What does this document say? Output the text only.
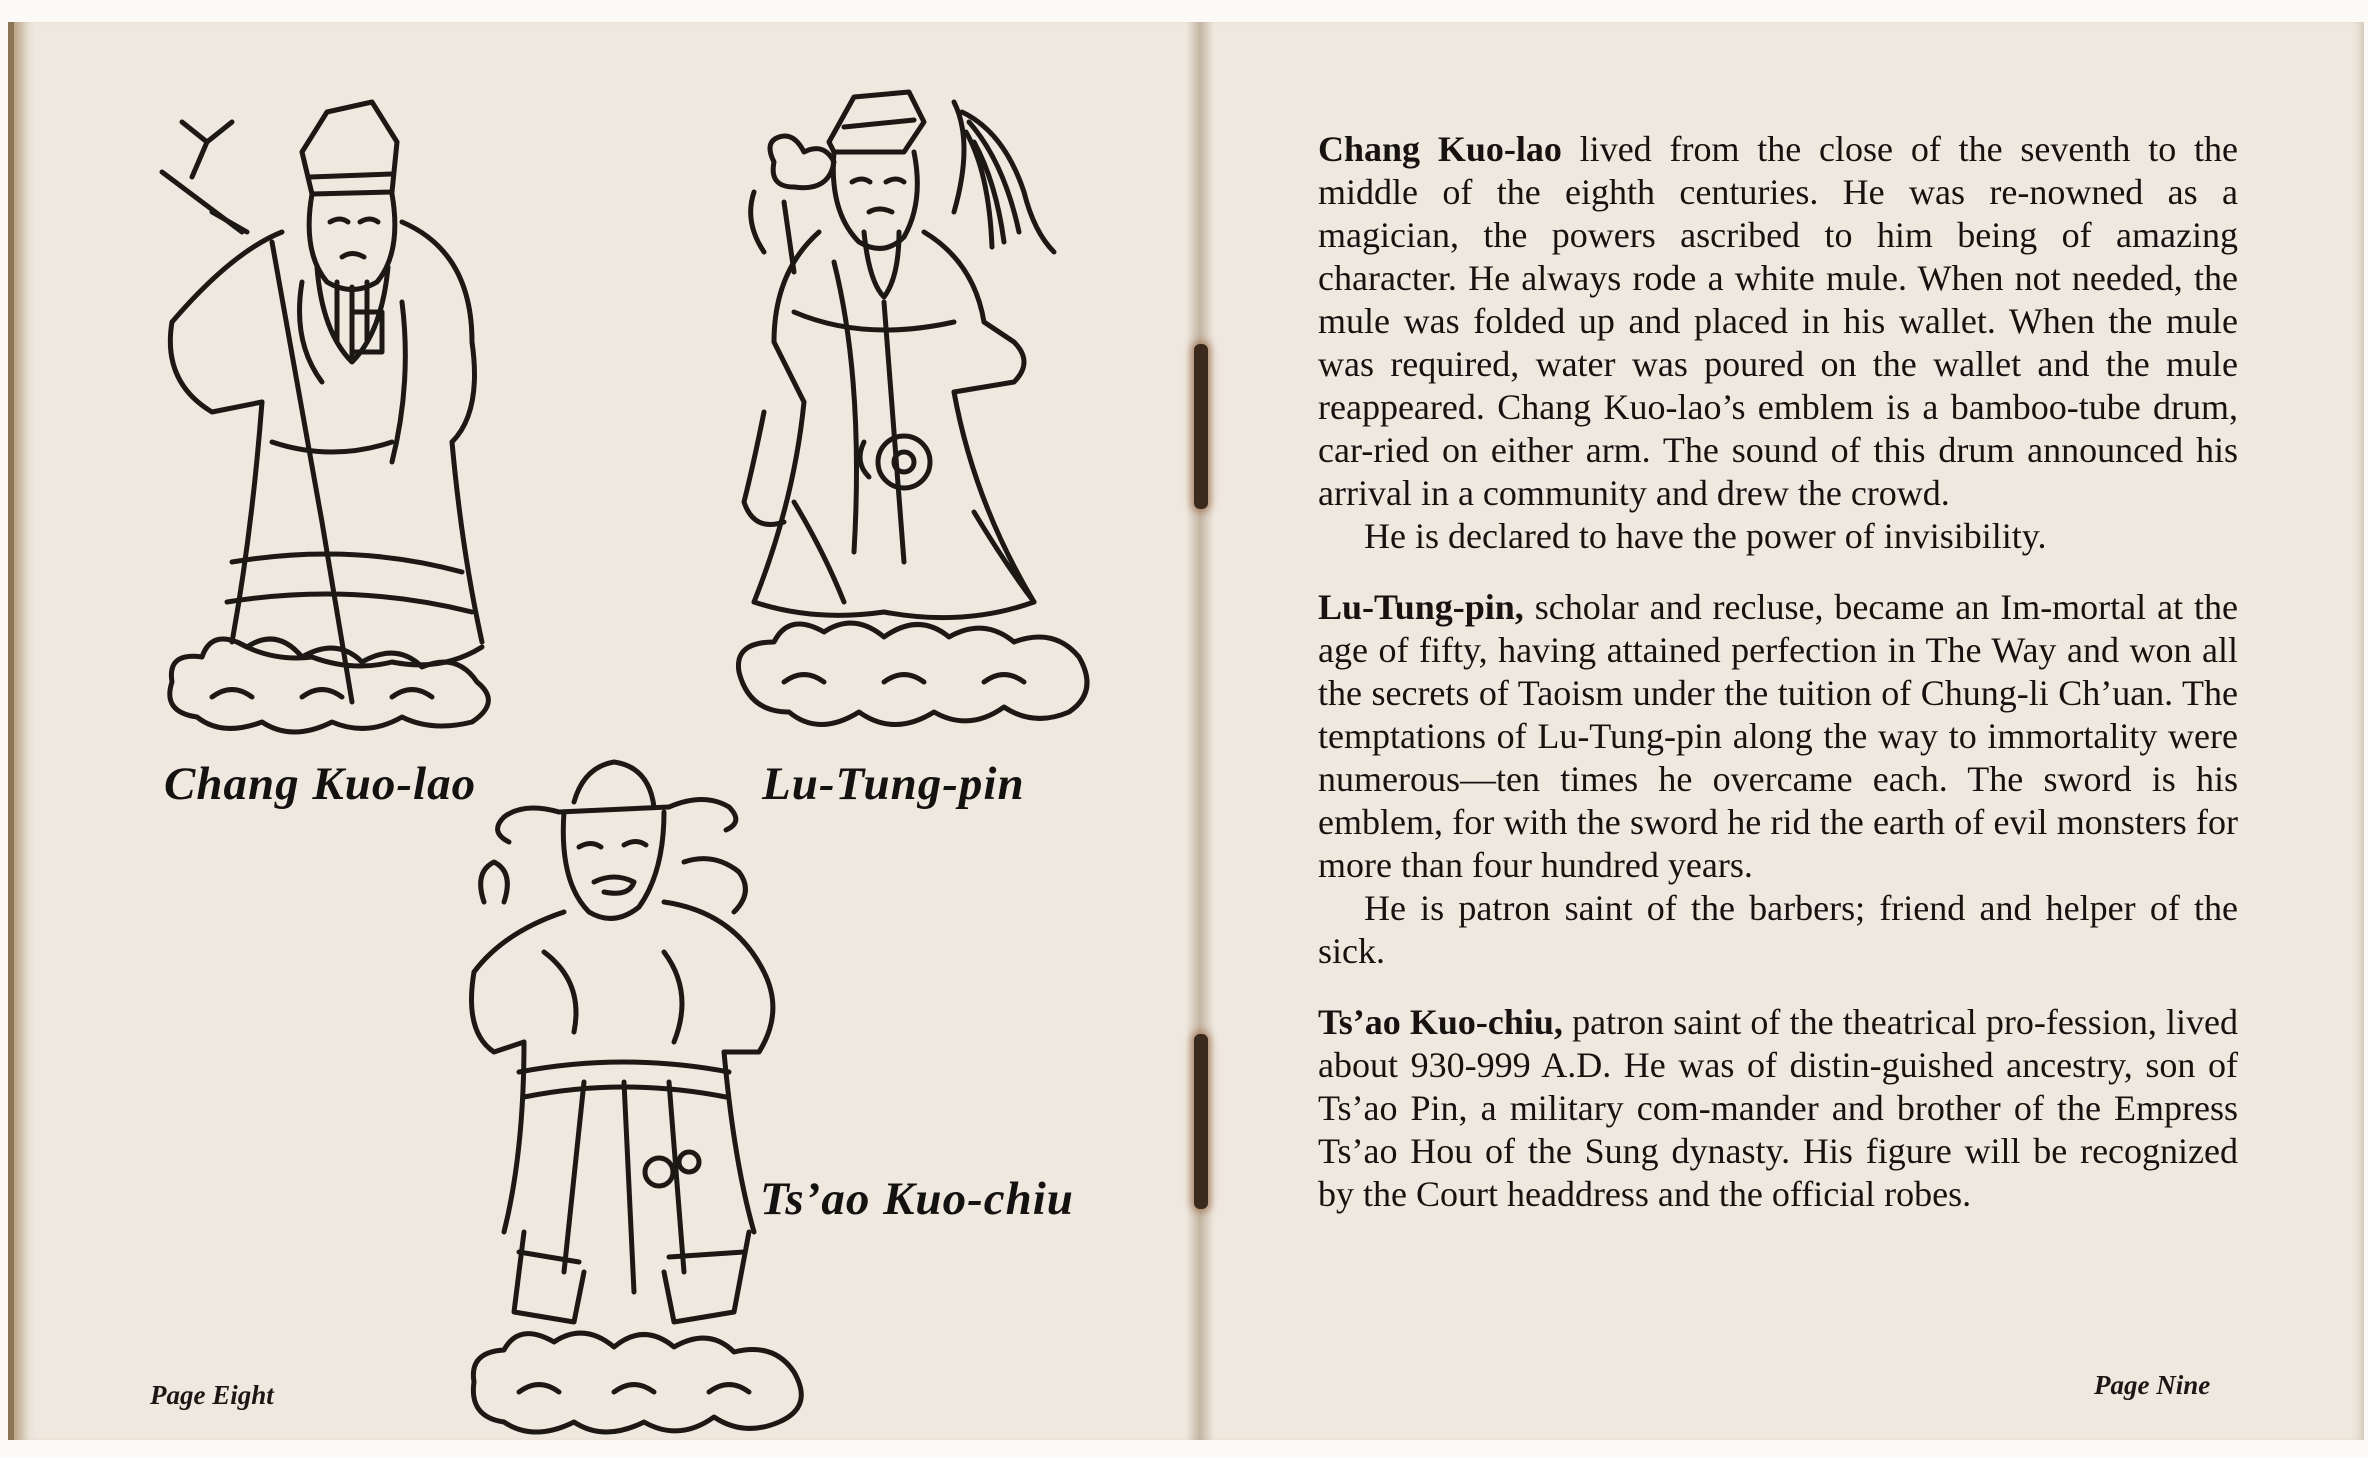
Chang Kuo-lao	Lu-Tung-pin
Ts’ao Kuo-chiu
Page Eight

Chang Kuo-lao lived from the close of the seventh to the middle of the eighth centuries. He was re-nowned as a magician, the powers ascribed to him being of amazing character. He always rode a white mule. When not needed, the mule was folded up and placed in his wallet. When the mule was required, water was poured on the wallet and the mule reappeared. Chang Kuo-lao’s emblem is a bamboo-tube drum, car-ried on either arm. The sound of this drum announced his arrival in a community and drew the crowd.

He is declared to have the power of invisibility.

Lu-Tung-pin, scholar and recluse, became an Im-mortal at the age of fifty, having attained perfection in The Way and won all the secrets of Taoism under the tuition of Chung-li Ch’uan. The temptations of Lu-Tung-pin along the way to immortality were numerous—ten times he overcame each. The sword is his emblem, for with the sword he rid the earth of evil monsters for more than four hundred years.

He is patron saint of the barbers; friend and helper of the sick.

Ts’ao Kuo-chiu, patron saint of the theatrical pro-fession, lived about 930-999 A.D. He was of distin-guished ancestry, son of Ts’ao Pin, a military com-mander and brother of the Empress Ts’ao Hou of the Sung dynasty. His figure will be recognized by the Court headdress and the official robes.

Page Nine
